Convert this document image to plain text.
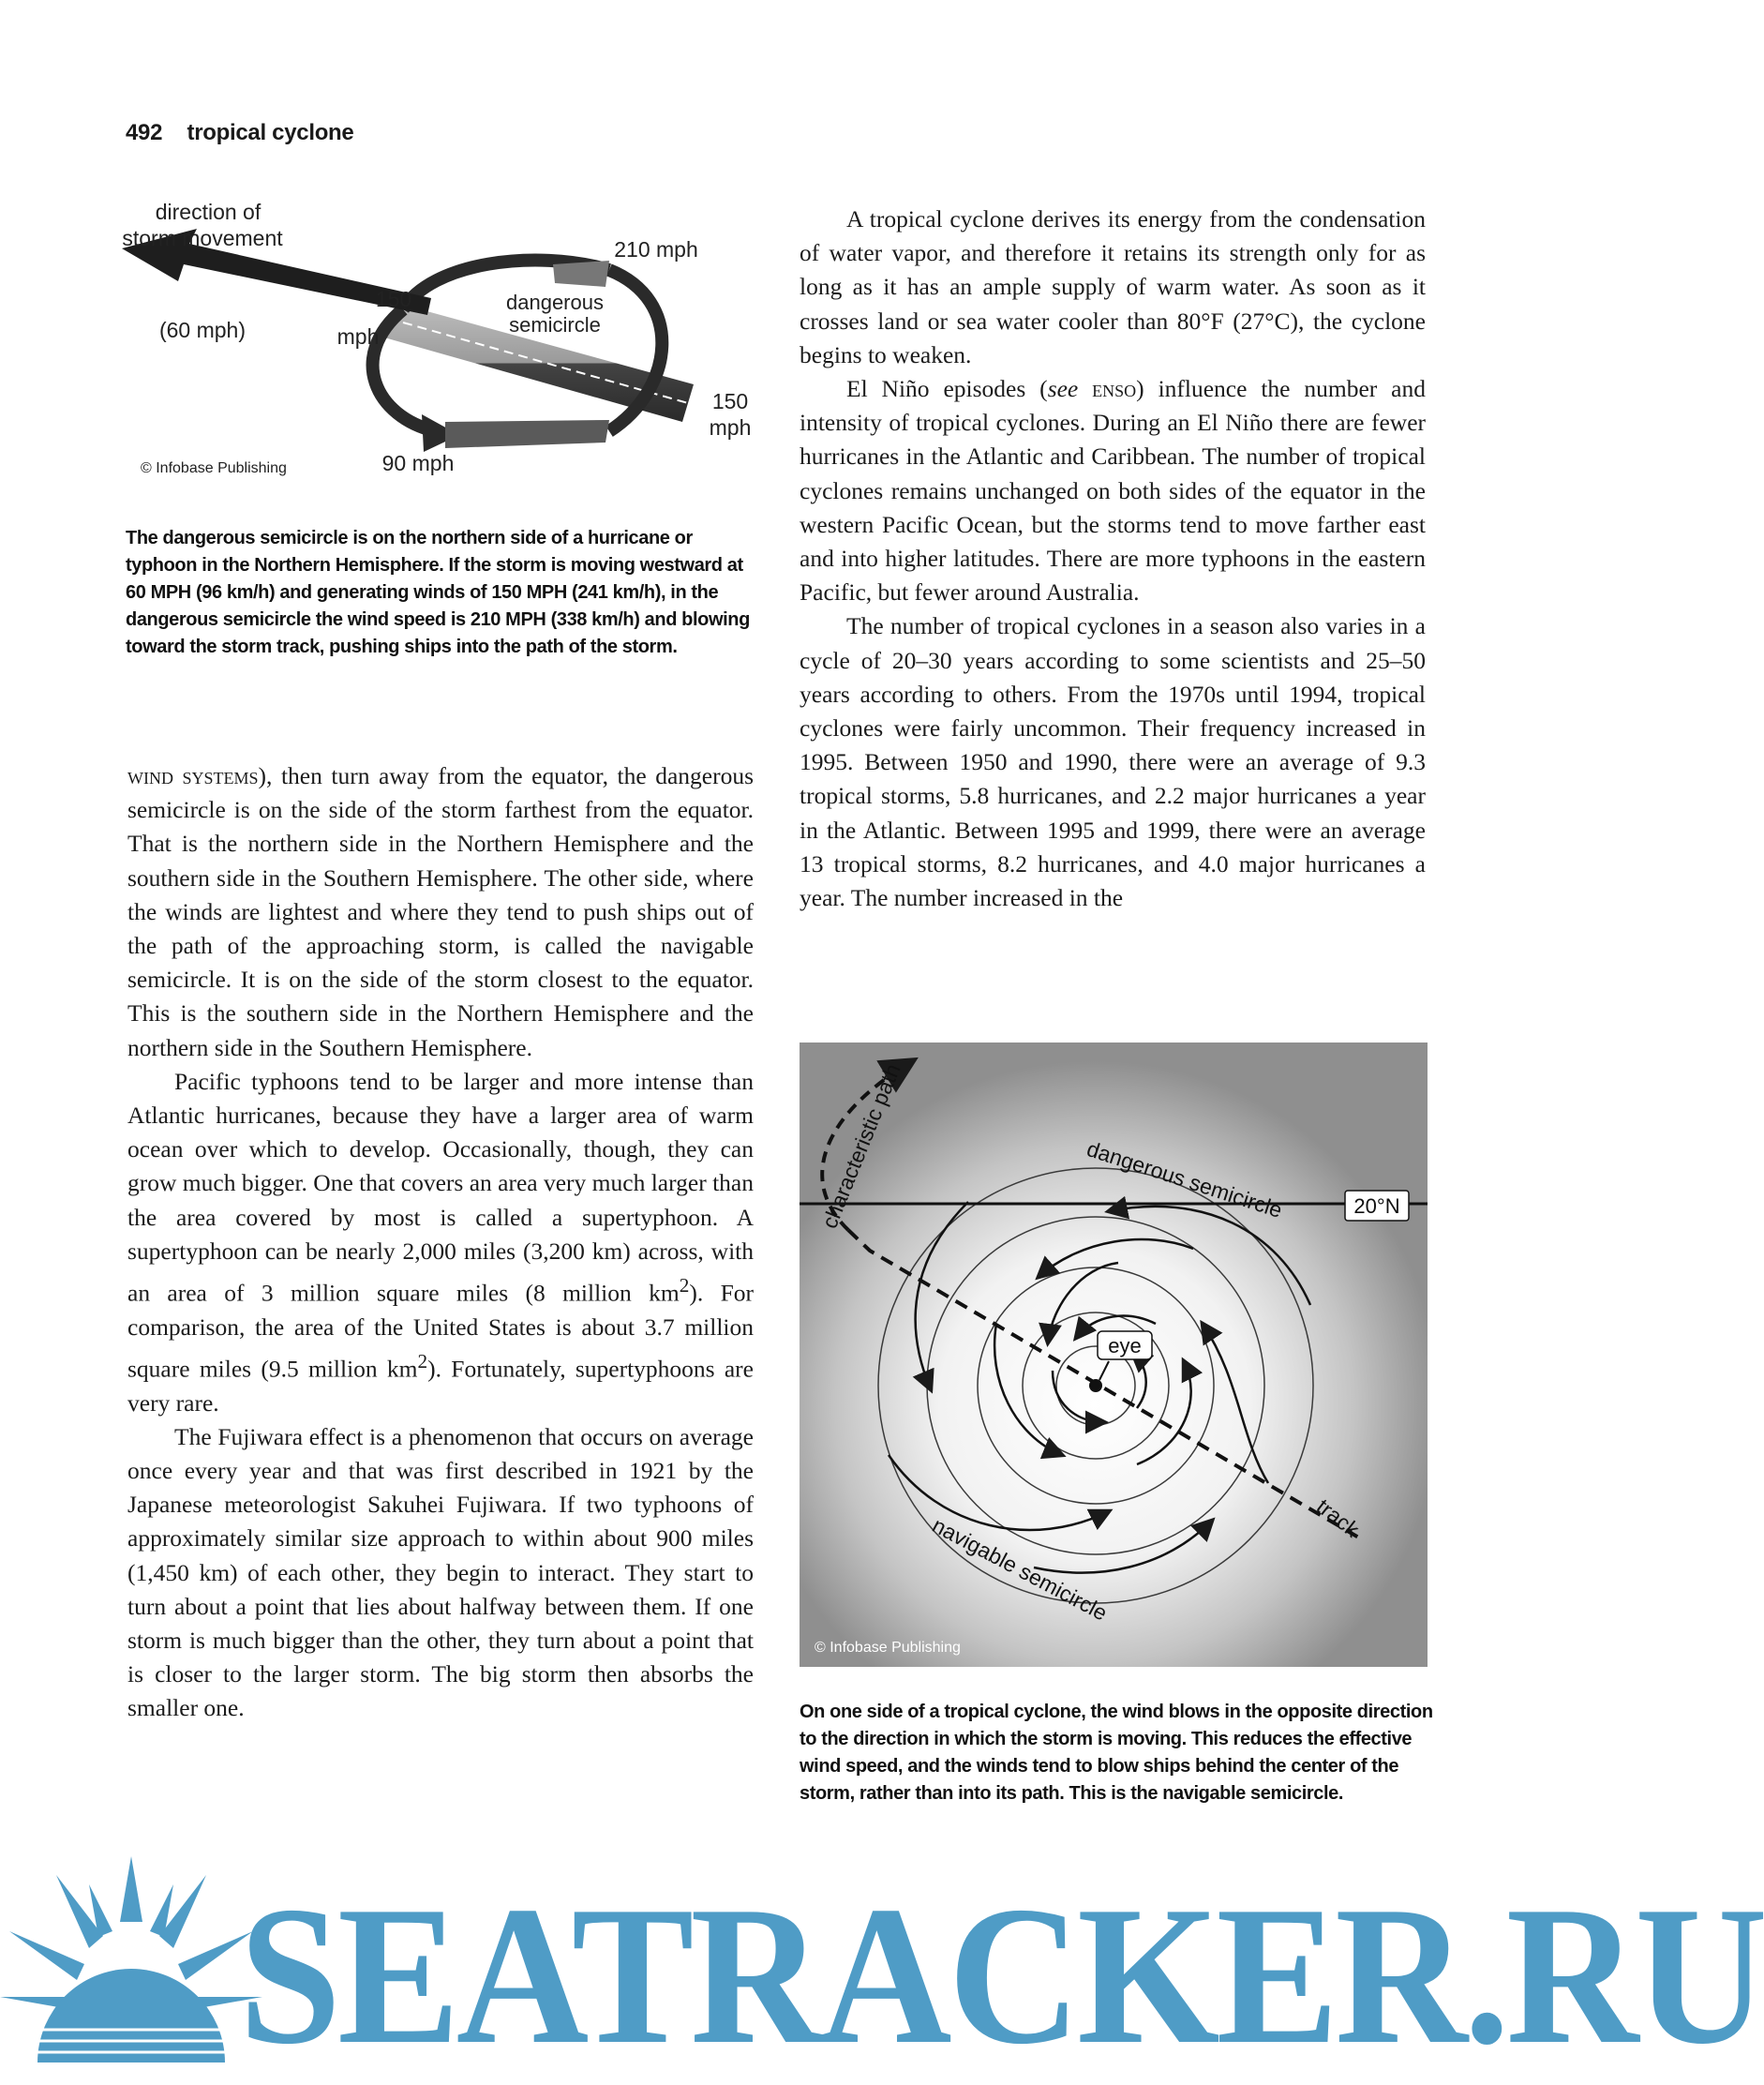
492 tropical cyclone
direction of
storm movement
(60 mph)
150
mph
210 mph
dangerous
semicircle
150
mph
90 mph
© Infobase Publishing
The dangerous semicircle is on the northern side of a hurricane or typhoon in the Northern Hemisphere. If the storm is moving westward at 60 MPH (96 km/h) and generating winds of 150 MPH (241 km/h), in the dangerous semicircle the wind speed is 210 MPH (338 km/h) and blowing toward the storm track, pushing ships into the path of the storm.

wind systems), then turn away from the equator, the dangerous semicircle is on the side of the storm farthest from the equator. That is the northern side in the Northern Hemisphere and the southern side in the Southern Hemisphere. The other side, where the winds are lightest and where they tend to push ships out of the path of the approaching storm, is called the navigable semicircle. It is on the side of the storm closest to the equator. This is the southern side in the Northern Hemisphere and the northern side in the Southern Hemisphere.

Pacific typhoons tend to be larger and more intense than Atlantic hurricanes, because they have a larger area of warm ocean over which to develop. Occasionally, though, they can grow much bigger. One that covers an area very much larger than the area covered by most is called a supertyphoon. A supertyphoon can be nearly 2,000 miles (3,200 km) across, with an area of 3 million square miles (8 million $km^2$). For comparison, the area of the United States is about 3.7 million square miles (9.5 million $km^2$). Fortunately, supertyphoons are very rare.

The Fujiwara effect is a phenomenon that occurs on average once every year and that was first described in 1921 by the Japanese meteorologist Sakuhei Fujiwara. If two typhoons of approximately similar size approach to within about 900 miles (1,450 km) of each other, they begin to interact. They start to turn about a point that lies about halfway between them. If one storm is much bigger than the other, they turn about a point that is closer to the larger storm. The big storm then absorbs the smaller one.

A tropical cyclone derives its energy from the condensation of water vapor, and therefore it retains its strength only for as long as it has an ample supply of warm water. As soon as it crosses land or sea water cooler than 80°F (27°C), the cyclone begins to weaken.

El Niño episodes (see enso) influence the number and intensity of tropical cyclones. During an El Niño there are fewer hurricanes in the Atlantic and Caribbean. The number of tropical cyclones remains unchanged on both sides of the equator in the western Pacific Ocean, but the storms tend to move farther east and into higher latitudes. There are more typhoons in the eastern Pacific, but fewer around Australia.

The number of tropical cyclones in a season also varies in a cycle of 20–30 years according to some scientists and 25–50 years according to others. From the 1970s until 1994, tropical cyclones were fairly uncommon. Their frequency increased in 1995. Between 1950 and 1990, there were an average of 9.3 tropical storms, 5.8 hurricanes, and 2.2 major hurricanes a year in the Atlantic. Between 1995 and 1999, there were an average 13 tropical storms, 8.2 hurricanes, and 4.0 major hurricanes a year. The number increased in the

eye
20°N
characteristic path	dangerous semicircle
track
navigable semicircle
© Infobase Publishing
On one side of a tropical cyclone, the wind blows in the opposite direction to the direction in which the storm is moving. This reduces the effective wind speed, and the winds tend to blow ships behind the center of the storm, rather than into its path. This is the navigable semicircle.
SEATRACKER.RU
